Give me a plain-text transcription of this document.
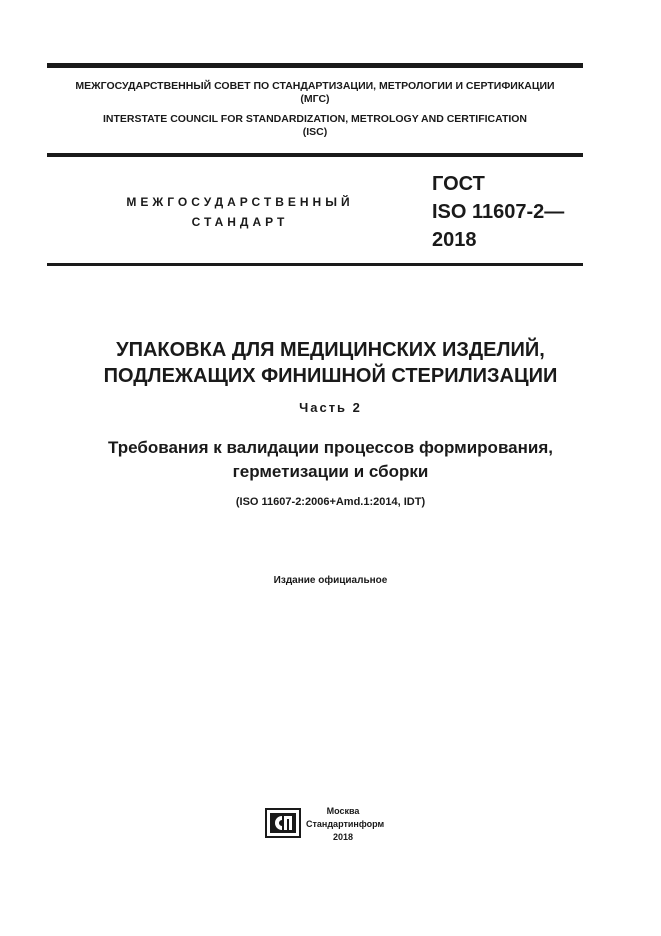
МЕЖГОСУДАРСТВЕННЫЙ СОВЕТ ПО СТАНДАРТИЗАЦИИ, МЕТРОЛОГИИ И СЕРТИФИКАЦИИ
(МГС)
INTERSTATE COUNCIL FOR STANDARDIZATION, METROLOGY AND CERTIFICATION
(ISC)
МЕЖГОСУДАРСТВЕННЫЙ
СТАНДАРТ
ГОСТ
ISO 11607-2—
2018
УПАКОВКА ДЛЯ МЕДИЦИНСКИХ ИЗДЕЛИЙ,
ПОДЛЕЖАЩИХ ФИНИШНОЙ СТЕРИЛИЗАЦИИ
Часть 2
Требования к валидации процессов формирования,
герметизации и сборки
(ISO 11607-2:2006+Amd.1:2014, IDT)
Издание официальное
Москва
Стандартинформ
2018
